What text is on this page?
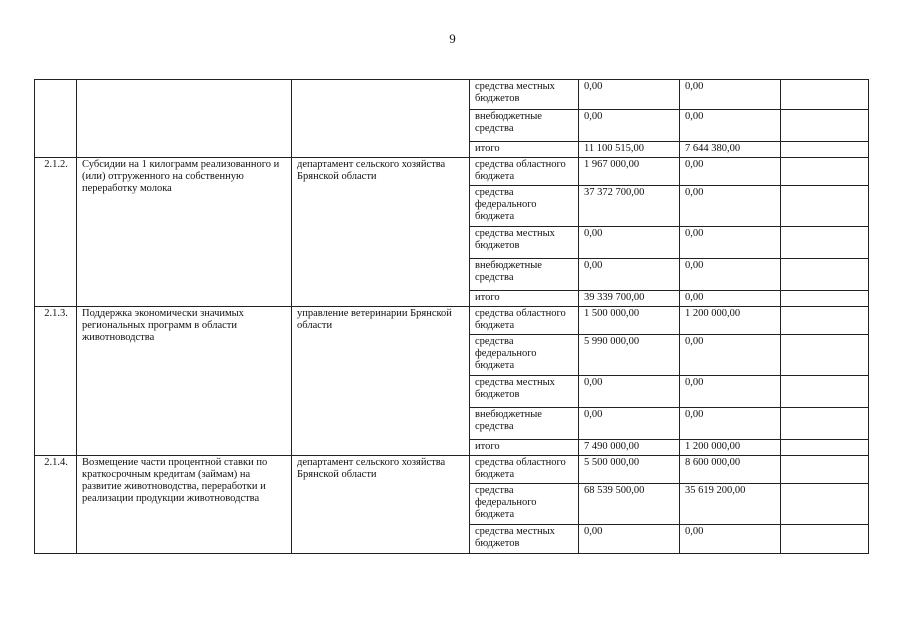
9
			средства местных бюджетов	0,00	0,00	
			внебюджетные средства	0,00	0,00	
			итого	11 100 515,00	7 644 380,00	
2.1.2.	Субсидии на 1 килограмм реализованного и (или) отгруженного на собственную переработку молока	департамент сельского хозяйства Брянской области	средства областного бюджета	1 967 000,00	0,00	
			средства федерального бюджета	37 372 700,00	0,00	
			средства местных бюджетов	0,00	0,00	
			внебюджетные средства	0,00	0,00	
			итого	39 339 700,00	0,00	
2.1.3.	Поддержка экономически значимых региональных программ в области животноводства	управление ветеринарии Брянской области	средства областного бюджета	1 500 000,00	1 200 000,00	
			средства федерального бюджета	5 990 000,00	0,00	
			средства местных бюджетов	0,00	0,00	
			внебюджетные средства	0,00	0,00	
			итого	7 490 000,00	1 200 000,00	
2.1.4.	Возмещение части процентной ставки по краткосрочным кредитам (займам) на развитие животноводства, переработки и реализации продукции животноводства	департамент сельского хозяйства Брянской области	средства областного бюджета	5 500 000,00	8 600 000,00	
			средства федерального бюджета	68 539 500,00	35 619 200,00	
			средства местных бюджетов	0,00	0,00	
